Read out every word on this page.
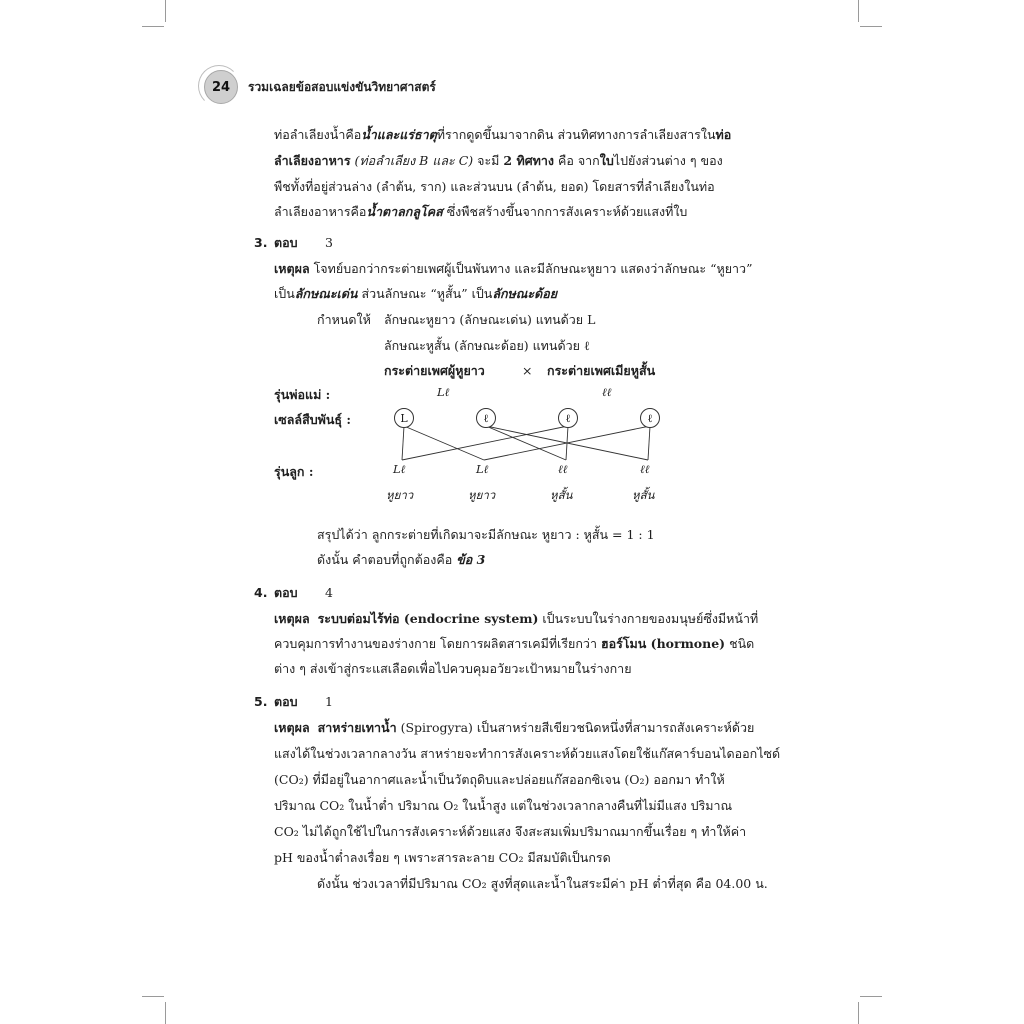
24 รวมเฉลยข้อสอบแข่งขันวิทยาศาสตร์
ท่อลำเลียงน้ำคือน้ำและแร่ธาตุที่รากดูดขึ้นมาจากดิน ส่วนทิศทางการลำเลียงสารในท่อ
ลำเลียงอาหาร (ท่อลำเลียง B และ C) จะมี 2 ทิศทาง คือ จากใบไปยังส่วนต่าง ๆ ของ
พืชทั้งที่อยู่ส่วนล่าง (ลำต้น, ราก) และส่วนบน (ลำต้น, ยอด) โดยสารที่ลำเลียงในท่อ
ลำเลียงอาหารคือน้ำตาลกลูโคส ซึ่งพืชสร้างขึ้นจากการสังเคราะห์ด้วยแสงที่ใบ
3. ตอบ 3
เหตุผล โจทย์บอกว่ากระต่ายเพศผู้เป็นพันทาง และมีลักษณะหูยาว แสดงว่าลักษณะ “หูยาว”
เป็นลักษณะเด่น ส่วนลักษณะ “หูสั้น” เป็นลักษณะด้อย
กำหนดให้ ลักษณะหูยาว (ลักษณะเด่น) แทนด้วย L
ลักษณะหูสั้น (ลักษณะด้อย) แทนด้วย ℓ
กระต่ายเพศผู้หูยาว	× กระต่ายเพศเมียหูสั้น
รุ่นพ่อแม่ :	Lℓ	ℓℓ
เซลล์สืบพันธุ์ :	L	ℓ	ℓ	ℓ
รุ่นลูก :	Lℓ	Lℓ	ℓℓ	ℓℓ
หูยาว	หูยาว	หูสั้น	หูสั้น
สรุปได้ว่า ลูกกระต่ายที่เกิดมาจะมีลักษณะ หูยาว : หูสั้น = 1 : 1
ดังนั้น คำตอบที่ถูกต้องคือ ข้อ 3
4. ตอบ 4
เหตุผล ระบบต่อมไร้ท่อ (endocrine system) เป็นระบบในร่างกายของมนุษย์ซึ่งมีหน้าที่
ควบคุมการทำงานของร่างกาย โดยการผลิตสารเคมีที่เรียกว่า ฮอร์โมน (hormone) ชนิด
ต่าง ๆ ส่งเข้าสู่กระแสเลือดเพื่อไปควบคุมอวัยวะเป้าหมายในร่างกาย
5. ตอบ 1
เหตุผล สาหร่ายเทาน้ำ (Spirogyra) เป็นสาหร่ายสีเขียวชนิดหนึ่งที่สามารถสังเคราะห์ด้วย
แสงได้ในช่วงเวลากลางวัน สาหร่ายจะทำการสังเคราะห์ด้วยแสงโดยใช้แก๊สคาร์บอนไดออกไซด์
(CO₂) ที่มีอยู่ในอากาศและน้ำเป็นวัตถุดิบและปล่อยแก๊สออกซิเจน (O₂) ออกมา ทำให้
ปริมาณ CO₂ ในน้ำต่ำ ปริมาณ O₂ ในน้ำสูง แต่ในช่วงเวลากลางคืนที่ไม่มีแสง ปริมาณ
CO₂ ไม่ได้ถูกใช้ไปในการสังเคราะห์ด้วยแสง จึงสะสมเพิ่มปริมาณมากขึ้นเรื่อย ๆ ทำให้ค่า
pH ของน้ำต่ำลงเรื่อย ๆ เพราะสารละลาย CO₂ มีสมบัติเป็นกรด
ดังนั้น ช่วงเวลาที่มีปริมาณ CO₂ สูงที่สุดและน้ำในสระมีค่า pH ต่ำที่สุด คือ 04.00 น.
